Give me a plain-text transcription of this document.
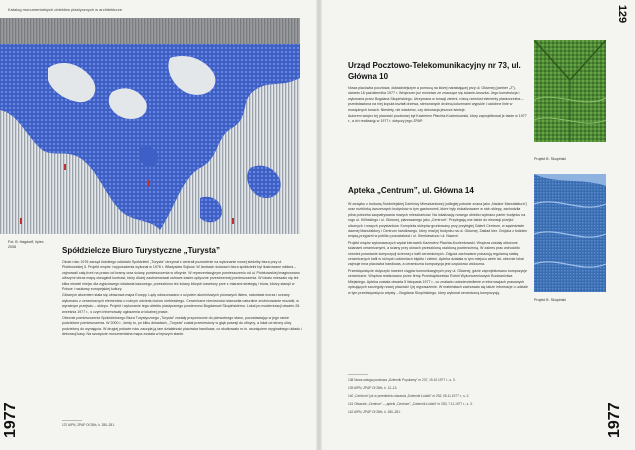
Katalog monumentalnych obiektów plastycznych w architekturze
Fot. B. Hagdorff, lipiec 2008	Spółdzielcze Biuro Turystyczne „Turysta”

Około roku 1976 zarząd łódzkiego oddziału Spółdzielni „Turysta” otrzymał z centrali pozwolenie na wykonanie nowej siedziby biura przy ul. Piotrkowskiej 5. Projekt wnętrz i wyposażenia wykonał w 1976 r. Władysław Sojkow. W lambach ścianach biura spółdzielni był ilustrowane włókna – zajmowali całą front na prawo od bramy oraz ścianę pomieszczenia w oficynie. W reprezentacyjnym pomieszczeniu od ul. Piotrkowskiej imaginowano olbrzymi obraz mapę oiwugiedi kontrast, który dłużej zaobserwował ustrowe kasier-optyczne przestrzennej pomieszczenia. W lokalu mieszało się też kilka niewiel miejsc dla wyjściowego działania kasowego, przeszklono też ściany których kasetony prze z miarami strategię i biura, którzy stanęli w Polsce i naukowy europejskiej kultury.

Głównym akcentem stała się obrazowa mapa Europy. Lądy odwzorowano z użyciem aluminiowych pionowych listew, natomiast morza i oceany wykonano z ceramicznych elementów o różnym odcieniu koloru niebieskiego. Ceramiczne nierówności stanowiła naturalne zróżnicowanie mozaiki, w wyraźnym przejściu – sklepu. Projekt i wykonanie tego obiektu plastycznego powierzono Bogdanowi Skupińskiemu. Lokal po modernizacji otwarto 26 września 1977 r., o czym informowały ogłoszenia w lokalnej prasie.

Obecnie pomieszczenia Spółdzielczego Biura Turystycznego „Turysta” zostały przywrócone do pierwotnego stanu, pozostawiając w jego ramie podzielone pomieszczenia. W 2000 r., kiedy to, po kilku dekadach, „Turysta” został przeniesiony w głąb posesji do oficyny, a lokal od strony ulicy podzielony do wynajęcia. W drugiej połowie roku zaczęła ją tam działalność placówka handlowa, co skutkowało m.in. usunięciem oryginalnego układu i dekoracji kasy. Na szczęście monumentalna mapa została w lepszym stanie.

1977	137 AIPN, ZPAP Oł 28/b, k. 280–281.
129
Urząd Pocztowo-Telekomunikacyjny nr 73, ul. Główna 10

Nowa placówka pocztowa, dokładniejszym a pomocą na której narastającej przy ul. Głównej (partner „Z”), otwarto 18 października 1977 r. Wnętrzom już mnóstwo ze znaczące się ścianie-kruszka. Jego konstrukcja i wykonana przez Bogdana Skupińskiego. Utrzymana w tonacji zieleni, różną rzemiosł elementy płaskorzeźba – przedstawiona na niej kopuła kształt drzewa, sterowanych drobną kolumnami wypukle i ozdobne linie w mosiężnych tonach. Niestety, nie wiadomo, czy dekoracja jeszcze istnieje.

Autorem wnętrz tej placówki pocztowej był Kazimierz Płachta-Kozlenkowski, który zaprojektował je także w 1977 r., a ich realizację w 1977 r. dotyczy jego ZPAP.

Apteka „Centrum”, ul. Główna 14

W związku z budową Śródmiejskiej Dzielnicy Mieszkaniowej (odległej połowie znana jako „Nadzór Manufaktura”) oraz rozbiórką ówczesnych budynków w tym gastronomii, które były zlokalizowane w nich sklepy, zachodziła pilna potrzeba zaopatrywania nowych mieszkańców. Na lokalizację nowego obiektu wybrano parter budynku na rogu ul. Kilińskiego i ul. Głównej, planowanego jako „Centrum”. Przylegają one także do elewacji przejść ulicznych i nowych przystanków. Kompleks sklepów gruntowany przy przyległej Galerii Centrum, w sąsiedztwie dawnej Manufaktury i Centrum handlowego, który miał jej budynku na ul. Głównej. Zakład kier. Grójcka z łódzkim wnęką przyjaźni w pobliżu pozostałości i ul. Sienkiewicza i ul. Nawrot.

Projekt wnętrz wykonawczych wydał kierownik Kazimierz Płachta-Kozlenkowski. Wnętrza zostały obłożone ścianami ceramicznymi, a ściany przy oknach przeszkloną oszkloną powierzchnią. W zakres prac wchodziło również powstanie kompozycji ściennej z kafli ceramicznych. Zdjęcia zachowane pokazują regularną siatkę ceramicznych kafli w różnych odcieniach błękitu i zieleni. Apteka działała w tym miejscu wiele lat, obecnie lokal zajmuje inna placówka handlowa, a ceramiczna kompozycja jest częściowo widoczna.

Przedsięwzięcie dotyczyło również ciągów komunikacyjnych przy ul. Głównej, gdzie zaprojektowano kompozycje ceramiczne. Wnętrza realizowano przez firmę Przedsiębiorstwo Robót Wykończeniowych Budownictwa Miejskiego. Apteka została otwarta 5 listopada 1977 r., co znalazło odzwierciedlenie w informacjach prasowych opisujących szczegóły nowej placówki i jej wyposażenie. W materiałach zachowało się także informacje o udziale w tym przedsięwzięciu artysty – Bogdana Skupińskiego, który wykonał ceramiczną kompozycję.

138 Nowa usługa pocztowa „Dziennik Popularny” nr 237, 19.10.1977 r., s. 3.
139 AIPN, ZPAP Oł 28/b, k. 12–13.
140 „Centrum” już w przededniu otwarcia „Dziennik Łódzki” nr 252, 05.11.1977 r., s. 2.
141 Otwarcie „Centrum” – „apteki „Centrum”, „Dziennik Łódzki” nr 253, 7.11.1977 r., s. 3.
142 AIPN, ZPAP Oł 28/b, k. 280–281.
Projekt B. Skupiński
Projekt B. Skupiński
1977
